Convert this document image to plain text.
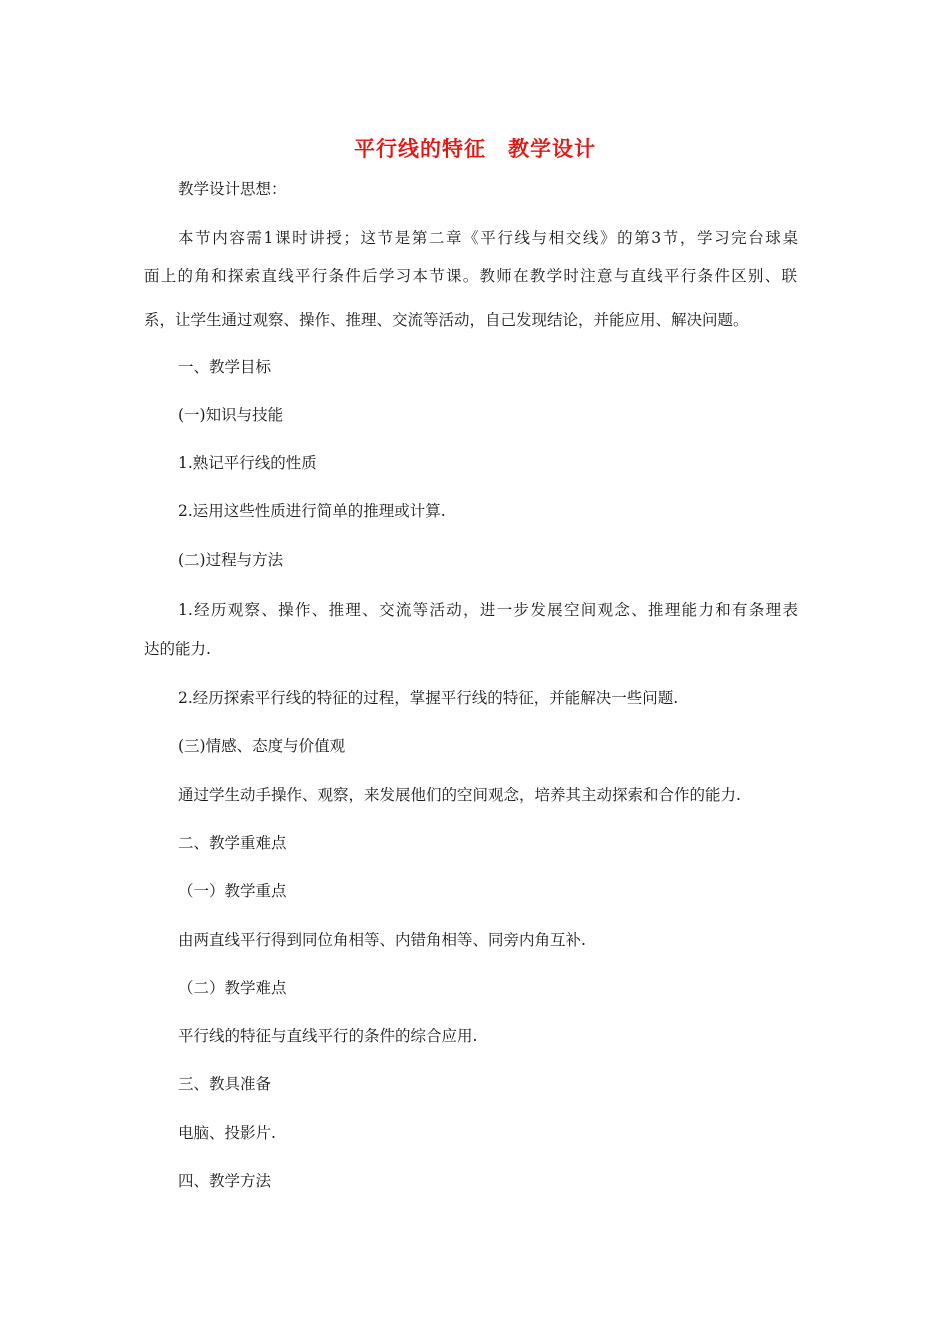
平行线的特征　教学设计
教学设计思想：
本节内容需1课时讲授；这节是第二章《平行线与相交线》的第3节，学习完台球桌
面上的角和探索直线平行条件后学习本节课。教师在教学时注意与直线平行条件区别、联
系，让学生通过观察、操作、推理、交流等活动，自己发现结论，并能应用、解决问题。
一、教学目标
(一)知识与技能
1.熟记平行线的性质
2.运用这些性质进行简单的推理或计算.
(二)过程与方法
1.经历观察、操作、推理、交流等活动，进一步发展空间观念、推理能力和有条理表
达的能力.
2.经历探索平行线的特征的过程，掌握平行线的特征，并能解决一些问题.
(三)情感、态度与价值观
通过学生动手操作、观察，来发展他们的空间观念，培养其主动探索和合作的能力.
二、教学重难点
（一）教学重点
由两直线平行得到同位角相等、内错角相等、同旁内角互补.
（二）教学难点
平行线的特征与直线平行的条件的综合应用.
三、教具准备
电脑、投影片.
四、教学方法
